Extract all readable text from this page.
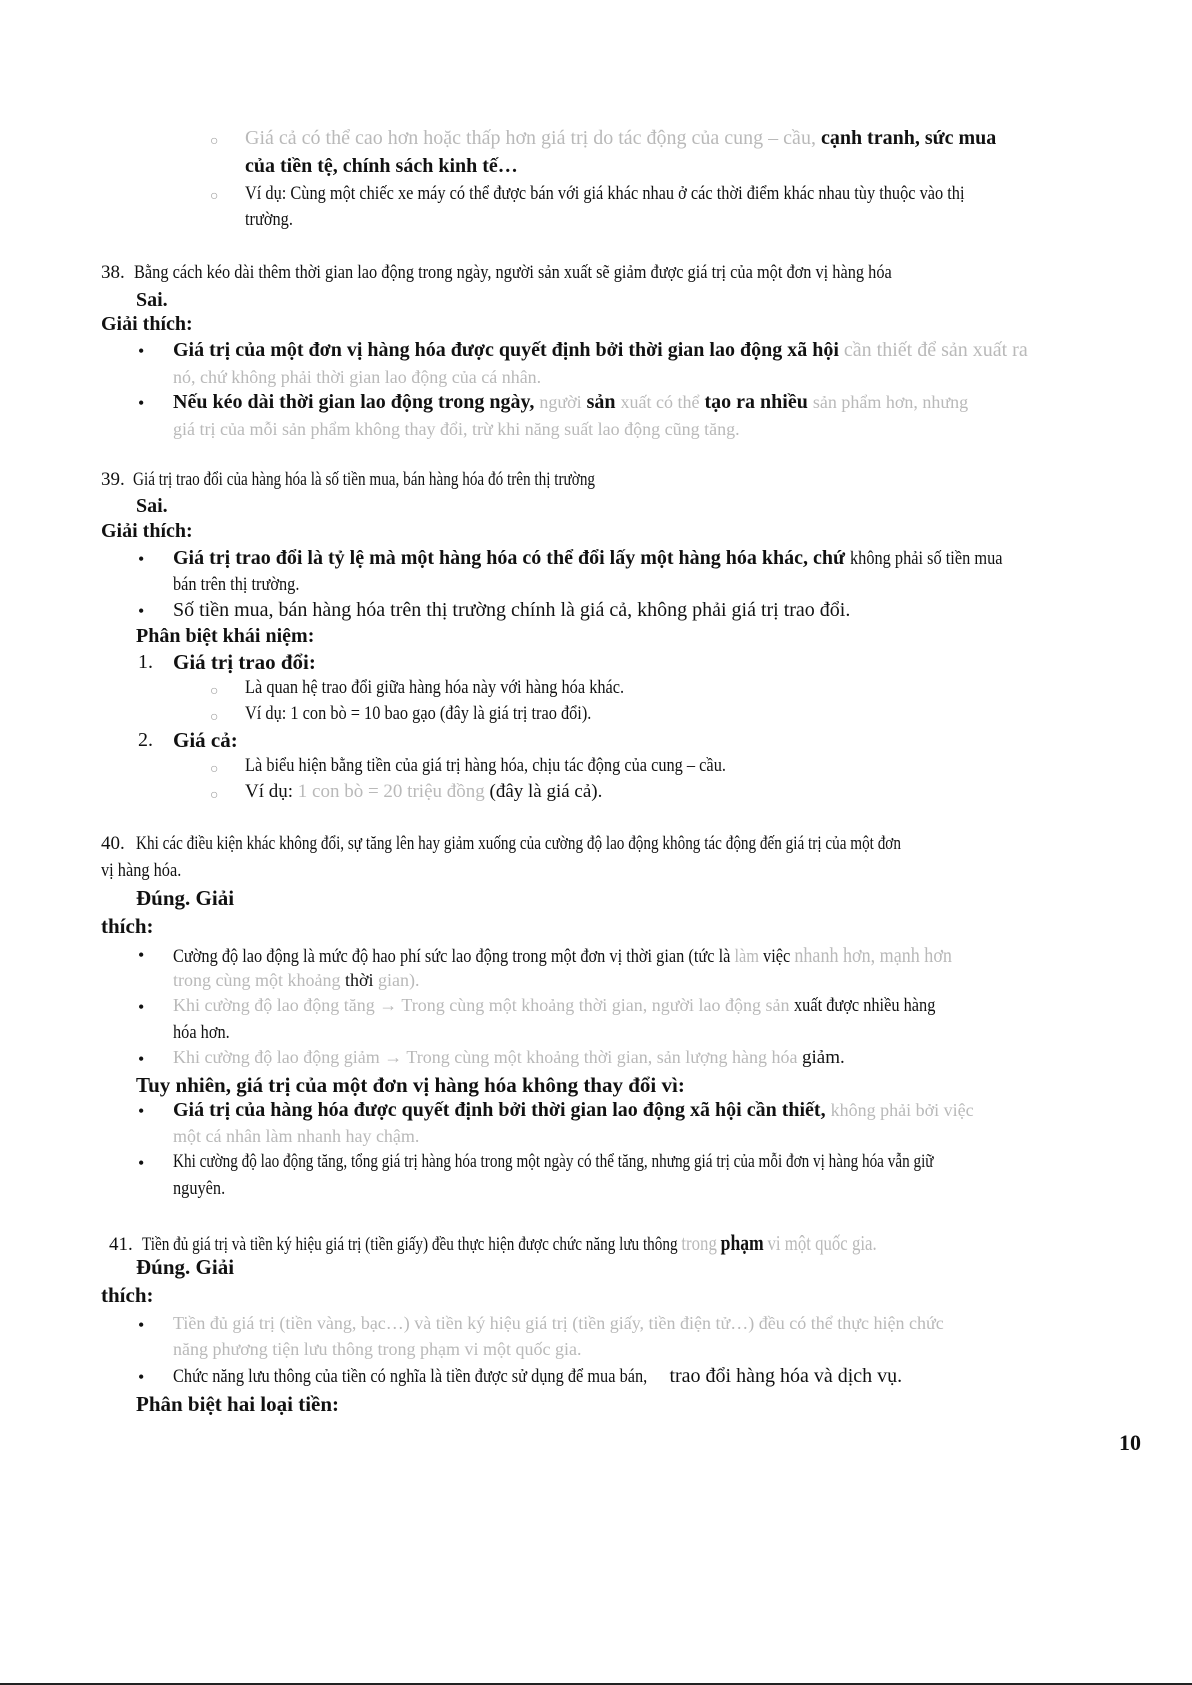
○ Giá cả có thể cao hơn hoặc thấp hơn giá trị do tác động của cung – cầu, cạnh tranh, sức mua
của tiền tệ, chính sách kinh tế…
○ Ví dụ: Cùng một chiếc xe máy có thể được bán với giá khác nhau ở các thời điểm khác nhau tùy thuộc vào thị
trường.
38. Bằng cách kéo dài thêm thời gian lao động trong ngày, người sản xuất sẽ giảm được giá trị của một đơn vị hàng hóa
Sai.
Giải thích:
• Giá trị của một đơn vị hàng hóa được quyết định bởi thời gian lao động xã hội cần thiết để sản xuất ra
nó, chứ không phải thời gian lao động của cá nhân.
• Nếu kéo dài thời gian lao động trong ngày, người sản xuất có thể tạo ra nhiều sản phẩm hơn, nhưng
giá trị của mỗi sản phẩm không thay đổi, trừ khi năng suất lao động cũng tăng.
39. Giá trị trao đổi của hàng hóa là số tiền mua, bán hàng hóa đó trên thị trường
Sai.
Giải thích:
• Giá trị trao đổi là tỷ lệ mà một hàng hóa có thể đổi lấy một hàng hóa khác, chứ không phải số tiền mua
bán trên thị trường.
• Số tiền mua, bán hàng hóa trên thị trường chính là giá cả, không phải giá trị trao đổi.
Phân biệt khái niệm:
1. Giá trị trao đổi:
○ Là quan hệ trao đổi giữa hàng hóa này với hàng hóa khác.
○ Ví dụ: 1 con bò = 10 bao gạo (đây là giá trị trao đổi).
2. Giá cả:
○ Là biểu hiện bằng tiền của giá trị hàng hóa, chịu tác động của cung – cầu.
○ Ví dụ: 1 con bò = 20 triệu đồng (đây là giá cả).
40. Khi các điều kiện khác không đổi, sự tăng lên hay giảm xuống của cường độ lao động không tác động đến giá trị của một đơn
vị hàng hóa.
Đúng. Giải
thích:
• Cường độ lao động là mức độ hao phí sức lao động trong một đơn vị thời gian (tức là làm việc nhanh hơn, mạnh hơn
trong cùng một khoảng thời gian).
• Khi cường độ lao động tăng → Trong cùng một khoảng thời gian, người lao động sản xuất được nhiều hàng
hóa hơn.
• Khi cường độ lao động giảm → Trong cùng một khoảng thời gian, sản lượng hàng hóa giảm.
Tuy nhiên, giá trị của một đơn vị hàng hóa không thay đổi vì:
• Giá trị của hàng hóa được quyết định bởi thời gian lao động xã hội cần thiết, không phải bởi việc
một cá nhân làm nhanh hay chậm.
• Khi cường độ lao động tăng, tổng giá trị hàng hóa trong một ngày có thể tăng, nhưng giá trị của mỗi đơn vị hàng hóa vẫn giữ
nguyên.
41. Tiền đủ giá trị và tiền ký hiệu giá trị (tiền giấy) đều thực hiện được chức năng lưu thông trong phạm vi một quốc gia.
Đúng. Giải
thích:
• Tiền đủ giá trị (tiền vàng, bạc…) và tiền ký hiệu giá trị (tiền giấy, tiền điện tử…) đều có thể thực hiện chức
năng phương tiện lưu thông trong phạm vi một quốc gia.
• Chức năng lưu thông của tiền có nghĩa là tiền được sử dụng để mua bán, trao đổi hàng hóa và dịch vụ.
Phân biệt hai loại tiền:
10
